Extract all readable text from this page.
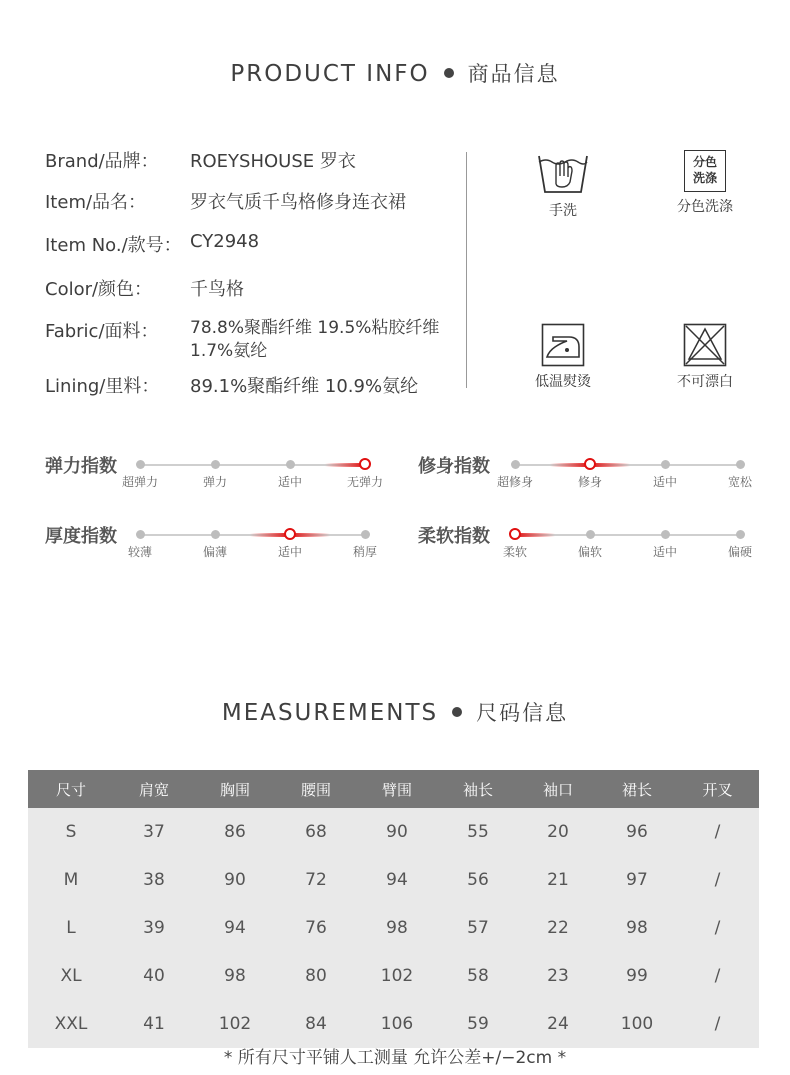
PRODUCT INFO 商品信息
Brand/品牌： ROEYSHOUSE 罗衣
Item/品名： 罗衣气质千鸟格修身连衣裙
Item No./款号： CY2948
Color/颜色： 千鸟格
Fabric/面料： 78.8%聚酯纤维 19.5%粘胶纤维
1.7%氨纶
Lining/里料： 89.1%聚酯纤维 10.9%氨纶
手洗
分色
洗涤
分色洗涤
低温熨烫	不可漂白
弹力指数
超弹力	弹力	适中	无弹力
修身指数
超修身	修身	适中	宽松
厚度指数
较薄	偏薄	适中	稍厚
柔软指数
柔软	偏软	适中	偏硬
MEASUREMENTS 尺码信息
尺寸	肩宽	胸围	腰围	臂围	袖长	袖口	裙长	开叉
S	37	86	68	90	55	20	96	/
M	38	90	72	94	56	21	97	/
L	39	94	76	98	57	22	98	/
XL	40	98	80	102	58	23	99	/
XXL	41	102	84	106	59	24	100	/
* 所有尺寸平铺人工测量 允许公差+/−2cm *
